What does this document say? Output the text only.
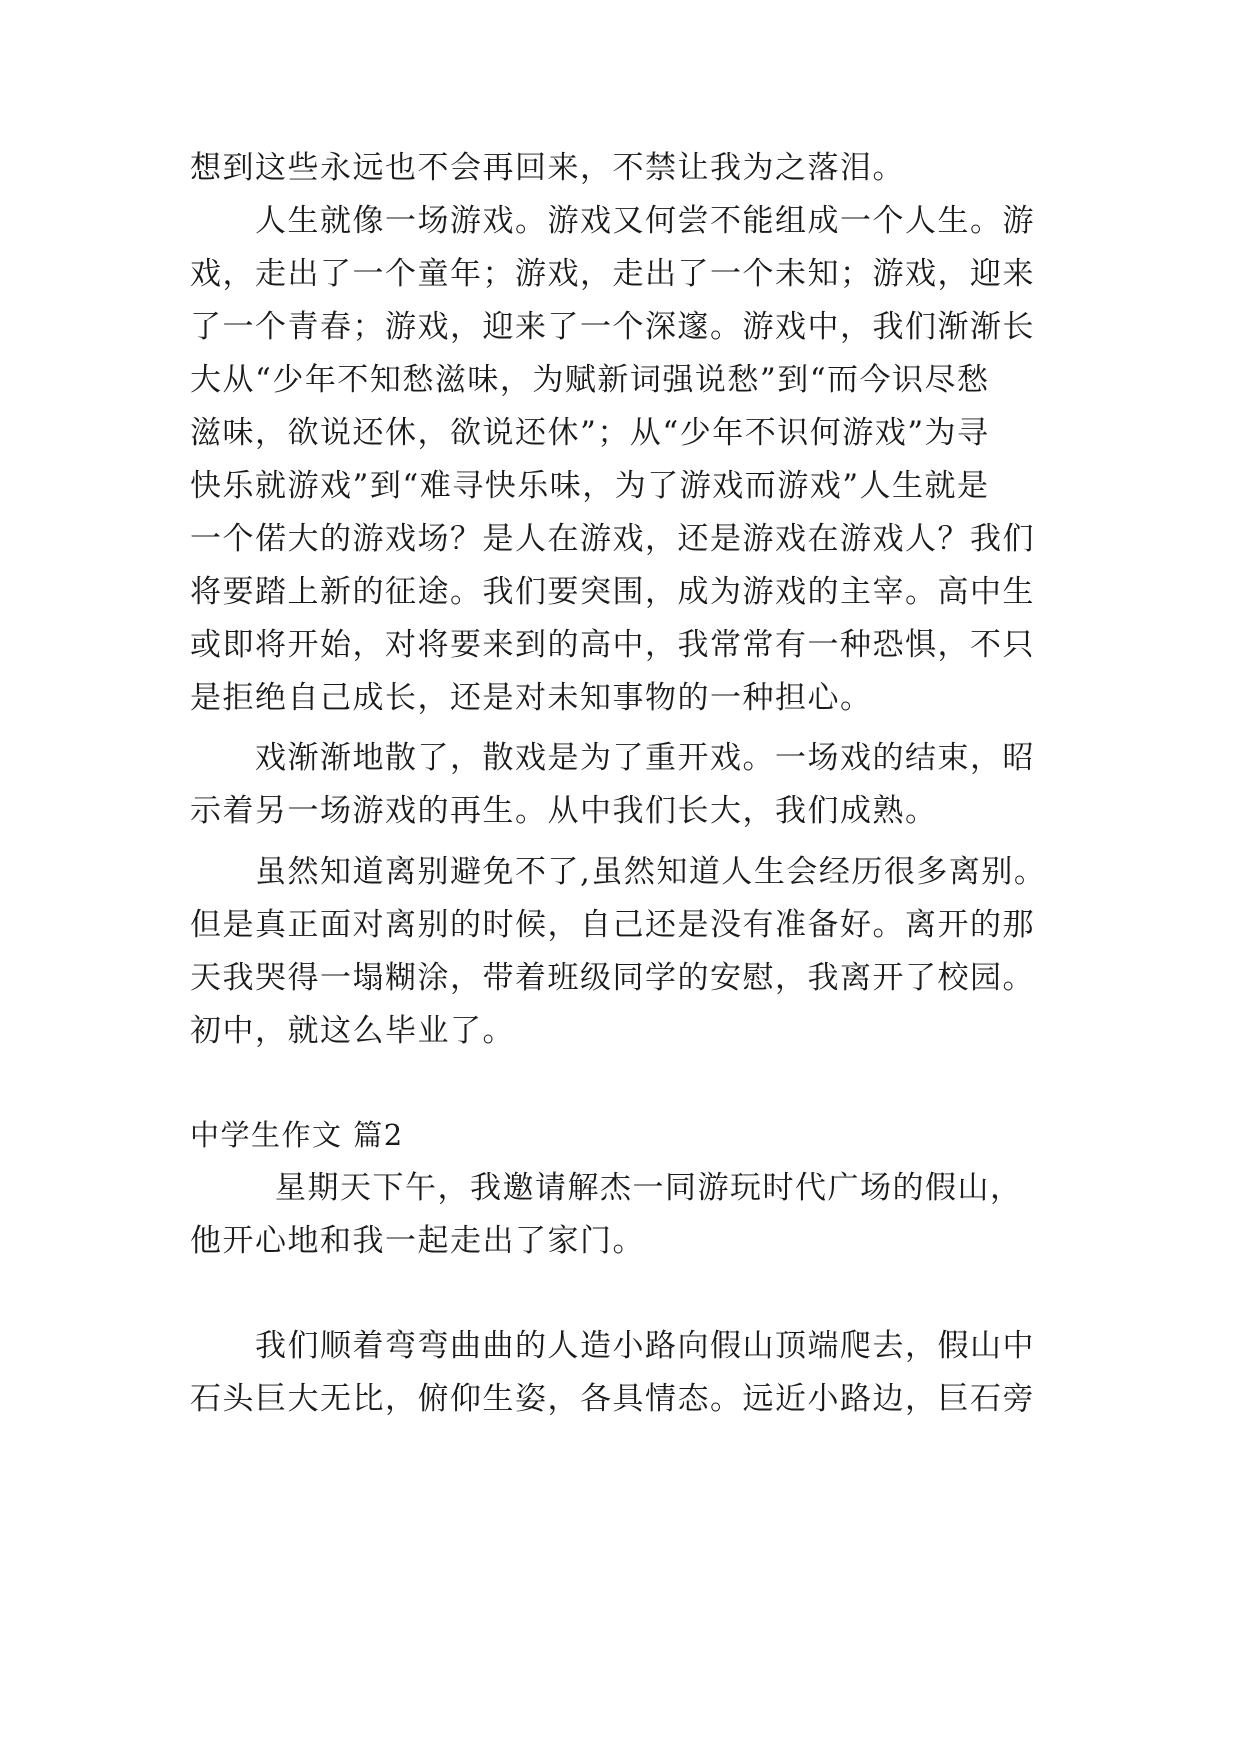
想到这些永远也不会再回来，不禁让我为之落泪。
人生就像一场游戏。游戏又何尝不能组成一个人生。游
戏，走出了一个童年；游戏，走出了一个未知；游戏，迎来
了一个青春；游戏，迎来了一个深邃。游戏中，我们渐渐长
大从“少年不知愁滋味，为赋新词强说愁”到“而今识尽愁
滋味，欲说还休，欲说还休”；从“少年不识何游戏”为寻
快乐就游戏”到“难寻快乐味，为了游戏而游戏”人生就是
一个偌大的游戏场？是人在游戏，还是游戏在游戏人？我们
将要踏上新的征途。我们要突围，成为游戏的主宰。高中生
或即将开始，对将要来到的高中，我常常有一种恐惧，不只
是拒绝自己成长，还是对未知事物的一种担心。
戏渐渐地散了，散戏是为了重开戏。一场戏的结束，昭
示着另一场游戏的再生。从中我们长大，我们成熟。
虽然知道离别避免不了,虽然知道人生会经历很多离别。
但是真正面对离别的时候，自己还是没有准备好。离开的那
天我哭得一塌糊涂，带着班级同学的安慰，我离开了校园。
初中，就这么毕业了。
中学生作文 篇2
星期天下午，我邀请解杰一同游玩时代广场的假山，
他开心地和我一起走出了家门。
我们顺着弯弯曲曲的人造小路向假山顶端爬去，假山中
石头巨大无比，俯仰生姿，各具情态。远近小路边，巨石旁
